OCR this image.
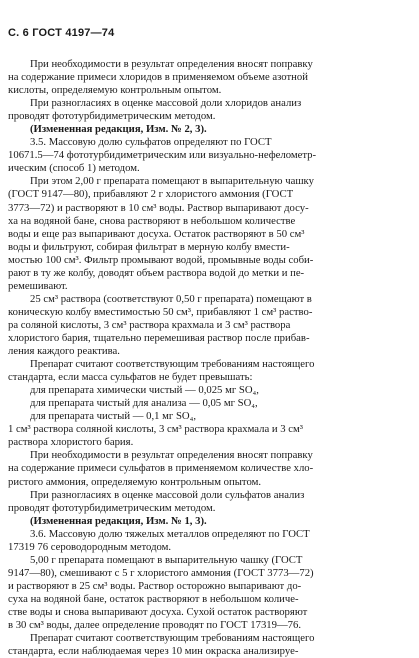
С. 6 ГОСТ 4197—74
При необходимости в результат определения вносят поправку
на содержание примеси хлоридов в применяемом объеме азотной
кислоты, определяемую контрольным опытом.
При разногласиях в оценке массовой доли хлоридов анализ
проводят фототурбидиметрическим методом.
(Измененная редакция, Изм. № 2, 3).
3.5. Массовую долю сульфатов определяют по ГОСТ
10671.5—74 фототурбидиметрическим или визуально-нефелометр-
ическим (способ 1) методом.
При этом 2,00 г препарата помещают в выпарительную чашку
(ГОСТ 9147—80), прибавляют 2 г хлористого аммония (ГОСТ
3773—72) и растворяют в 10 см³ воды. Раствор выпаривают досу-
ха на водяной бане, снова растворяют в небольшом количестве
воды и еще раз выпаривают досуха. Остаток растворяют в 50 см³
воды и фильтруют, собирая фильтрат в мерную колбу вмести-
мостью 100 см³. Фильтр промывают водой, промывные воды соби-
рают в ту же колбу, доводят объем раствора водой до метки и пе-
ремешивают.
25 см³ раствора (соответствуют 0,50 г препарата) помещают в
коническую колбу вместимостью 50 см³, прибавляют 1 см³ раство-
ра соляной кислоты, 3 см³ раствора крахмала и 3 см³ раствора
хлористого бария, тщательно перемешивая раствор после прибав-
ления каждого реактива.
Препарат считают соответствующим требованиям настоящего
стандарта, если масса сульфатов не будет превышать:
для препарата химически чистый — 0,025 мг SO₄,
для препарата чистый для анализа — 0,05 мг SO₄,
для препарата чистый — 0,1 мг SO₄,
1 см³ раствора соляной кислоты, 3 см³ раствора крахмала и 3 см³
раствора хлористого бария.
При необходимости в результат определения вносят поправку
на содержание примеси сульфатов в применяемом количестве хло-
ристого аммония, определяемую контрольным опытом.
При разногласиях в оценке массовой доли сульфатов анализ
проводят фототурбидиметрическим методом.
(Измененная редакция, Изм. № 1, 3).
3.6. Массовую долю тяжелых металлов определяют по ГОСТ
17319 76 сероводородным методом.
5,00 г препарата помещают в выпарительную чашку (ГОСТ
9147—80), смешивают с 5 г хлористого аммония (ГОСТ 3773—72)
и растворяют в 25 см³ воды. Раствор осторожно выпаривают до-
суха на водяной бане, остаток растворяют в небольшом количе-
стве воды и снова выпаривают досуха. Сухой остаток растворяют
в 30 см³ воды, далее определение проводят по ГОСТ 17319—76.
Препарат считают соответствующим требованиям настоящего
стандарта, если наблюдаемая через 10 мин окраска анализируе-
